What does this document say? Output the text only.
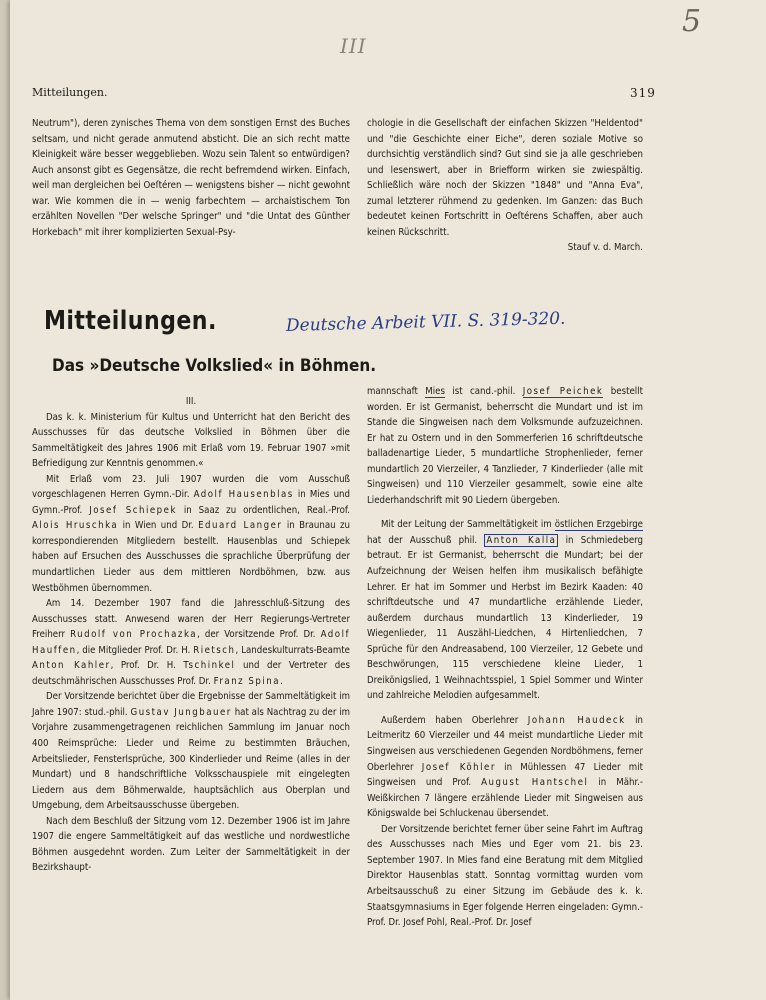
III
5
Mitteilungen.	319

Neutrum"), deren zynisches Thema von dem sonstigen Ernst des Buches seltsam, und nicht gerade anmutend absticht. Die an sich recht matte Kleinigkeit wäre besser weggeblieben. Wozu sein Talent so entwürdigen? Auch ansonst gibt es Gegensätze, die recht befremdend wirken. Einfach, weil man dergleichen bei Oeſtéren — wenigstens bisher — nicht gewohnt war. Wie kommen die in — wenig farbechtem — archaistischem Ton erzählten Novellen "Der welsche Springer" und "die Untat des Günther Horkebach" mit ihrer komplizierten Sexual-Psy-

chologie in die Gesellschaft der einfachen Skizzen "Heldentod" und "die Geschichte einer Eiche", deren soziale Motive so durchsichtig verständlich sind? Gut sind sie ja alle geschrieben und lesenswert, aber in Briefform wirken sie zwiespältig. Schließlich wäre noch der Skizzen "1848" und "Anna Eva", zumal letzterer rühmend zu gedenken. Im Ganzen: das Buch bedeutet keinen Fortschritt in Oeſtérens Schaffen, aber auch keinen Rückschritt.

Stauf v. d. March.

Mitteilungen.	Deutsche Arbeit VII. S. 319-320.
Das »Deutsche Volkslied« in Böhmen.

III.

Das k. k. Ministerium für Kultus und Unterricht hat den Bericht des Ausschusses für das deutsche Volkslied in Böhmen über die Sammeltätigkeit des Jahres 1906 mit Erlaß vom 19. Februar 1907 »mit Befriedigung zur Kenntnis genommen.«

Mit Erlaß vom 23. Juli 1907 wurden die vom Ausschuß vorgeschlagenen Herren Gymn.-Dir. Adolf Hausenblas in Mies und Gymn.-Prof. Josef Schiepek in Saaz zu ordentlichen, Real.-Prof. Alois Hruschka in Wien und Dr. Eduard Langer in Braunau zu korrespondierenden Mitgliedern bestellt. Hausenblas und Schiepek haben auf Ersuchen des Ausschusses die sprachliche Überprüfung der mundartlichen Lieder aus dem mittleren Nordböhmen, bzw. aus Westböhmen übernommen.

Am 14. Dezember 1907 fand die Jahresschluß-Sitzung des Ausschusses statt. Anwesend waren der Herr Regierungs-Vertreter Freiherr Rudolf von Prochazka, der Vorsitzende Prof. Dr. Adolf Hauffen, die Mitglieder Prof. Dr. H. Rietsch, Landeskulturrats-Beamte Anton Kahler, Prof. Dr. H. Tschinkel und der Vertreter des deutschmährischen Ausschusses Prof. Dr. Franz Spina.

Der Vorsitzende berichtet über die Ergebnisse der Sammeltätigkeit im Jahre 1907: stud.-phil. Gustav Jungbauer hat als Nachtrag zu der im Vorjahre zusammengetragenen reichlichen Sammlung im Januar noch 400 Reimsprüche: Lieder und Reime zu bestimmten Bräuchen, Arbeitslieder, Fensterlsprüche, 300 Kinderlieder und Reime (alles in der Mundart) und 8 handschriftliche Volksschauspiele mit eingelegten Liedern aus dem Böhmerwalde, hauptsächlich aus Oberplan und Umgebung, dem Arbeitsausschusse übergeben.

Nach dem Beschluß der Sitzung vom 12. Dezember 1906 ist im Jahre 1907 die engere Sammeltätigkeit auf das westliche und nordwestliche Böhmen ausgedehnt worden. Zum Leiter der Sammeltätigkeit in der Bezirkshaupt-

mannschaft Mies ist cand.-phil. Josef Peichek bestellt worden. Er ist Germanist, beherrscht die Mundart und ist im Stande die Singweisen nach dem Volksmunde aufzuzeichnen. Er hat zu Ostern und in den Sommerferien 16 schriftdeutsche balladenartige Lieder, 5 mundartliche Strophenlieder, ferner mundartlich 20 Vierzeiler, 4 Tanzlieder, 7 Kinderlieder (alle mit Singweisen) und 110 Vierzeiler gesammelt, sowie eine alte Liederhandschrift mit 90 Liedern übergeben.

Mit der Leitung der Sammeltätigkeit im östlichen Erzgebirge hat der Ausschuß phil. Anton Kalla in Schmiedeberg betraut. Er ist Germanist, beherrscht die Mundart; bei der Aufzeichnung der Weisen helfen ihm musikalisch befähigte Lehrer. Er hat im Sommer und Herbst im Bezirk Kaaden: 40 schriftdeutsche und 47 mundartliche erzählende Lieder, außerdem durchaus mundartlich 13 Kinderlieder, 19 Wiegenlieder, 11 Auszähl-Liedchen, 4 Hirtenliedchen, 7 Sprüche für den Andreasabend, 100 Vierzeiler, 12 Gebete und Beschwörungen, 115 verschiedene kleine Lieder, 1 Dreikönigslied, 1 Weihnachtsspiel, 1 Spiel Sommer und Winter und zahlreiche Melodien aufgesammelt.

Außerdem haben Oberlehrer Johann Haudeck in Leitmeritz 60 Vierzeiler und 44 meist mundartliche Lieder mit Singweisen aus verschiedenen Gegenden Nordböhmens, ferner Oberlehrer Josef Köhler in Mühlessen 47 Lieder mit Singweisen und Prof. August Hantschel in Mähr.-Weißkirchen 7 längere erzählende Lieder mit Singweisen aus Königswalde bei Schluckenau übersendet.

Der Vorsitzende berichtet ferner über seine Fahrt im Auftrag des Ausschusses nach Mies und Eger vom 21. bis 23. September 1907. In Mies fand eine Beratung mit dem Mitglied Direktor Hausenblas statt. Sonntag vormittag wurden vom Arbeitsausschuß zu einer Sitzung im Gebäude des k. k. Staatsgymnasiums in Eger folgende Herren eingeladen: Gymn.-Prof. Dr. Josef Pohl, Real.-Prof. Dr. Josef
